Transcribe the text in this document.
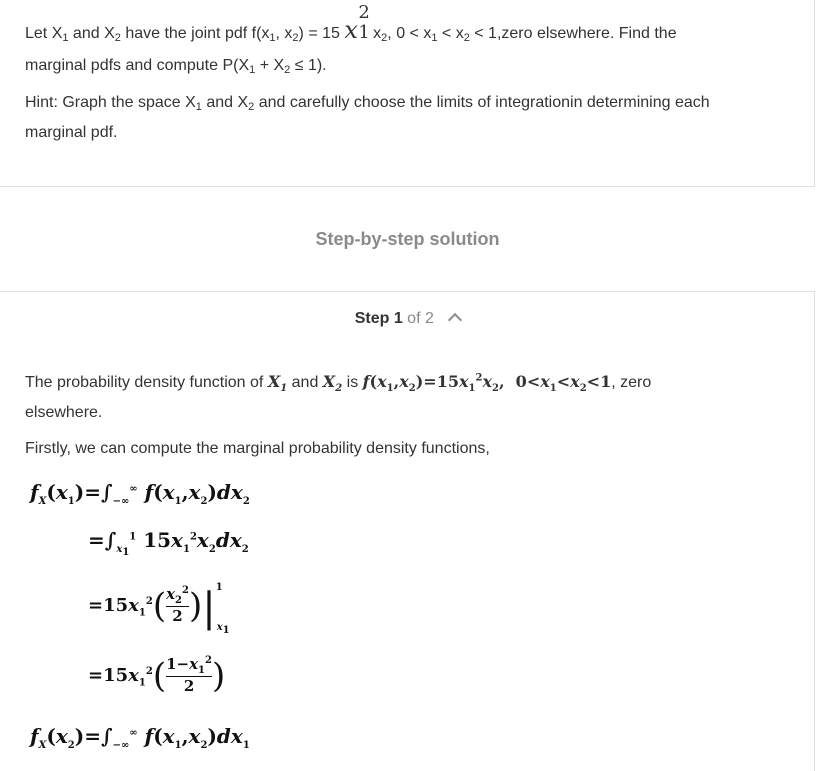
Let $X_1$ and $X_2$ have the joint pdf $f(x_1$, $x_2) = 15$ x
2
1 $x_2$, $0 < x_1 < x_2$ < 1,zero elsewhere. Find the
marginal pdfs and compute $P(X_1 + X_2 \le 1)$.
Hint: Graph the space $X_1$ and $X_2$ and carefully choose the limits of integrationin determining each
marginal pdf.
Step-by-step solution
Step 1 of 2
The probability density function of $X_1$ and $X_2$ is $f(x_1,x_2)=15x_1^2x_2$,  $0<x_1<x_2<1$, zero
elsewhere.
Firstly, we can compute the marginal probability density functions,
$f_X(x_1)=\int_{-\infty}^\infty$ $f(x_1,x_2)dx_2$
$=\int_{x_1}^1$ $15x_1^2x_2dx_2$
$=15x_1^2(x_2^2$

2 )$|^1_{x_1}$
$=15x_1^2(1-x_1^2$

2 )
$f_X(x_2)=\int_{-\infty}^\infty$ $f(x_1,x_2)dx_1$
